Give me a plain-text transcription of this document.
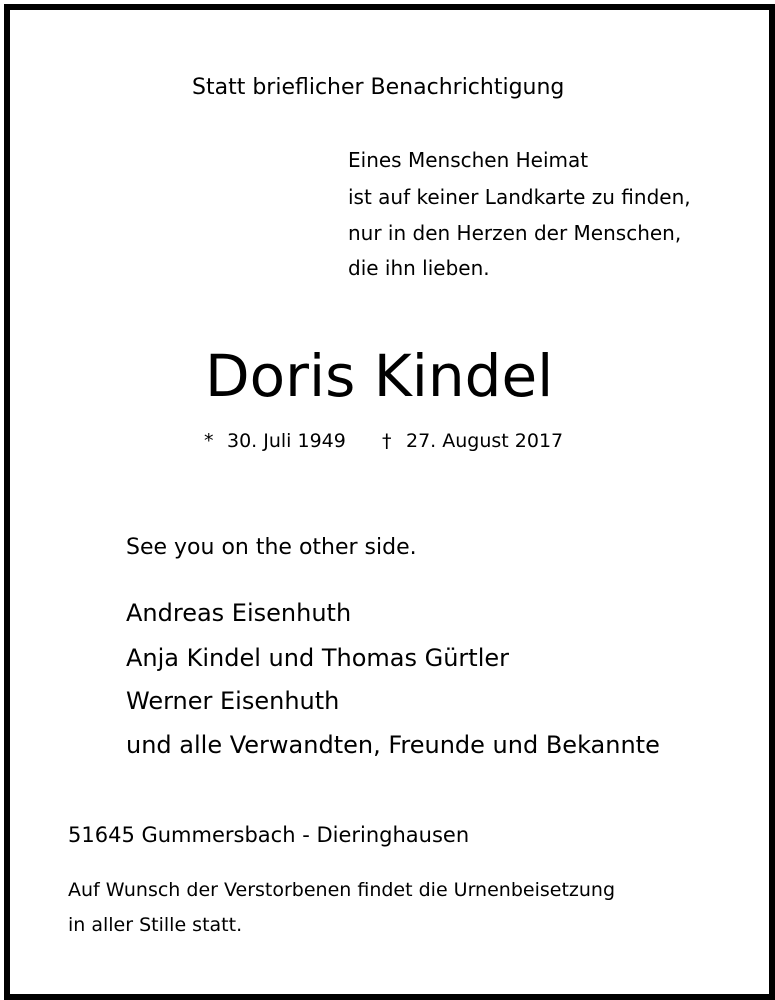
Statt brieflicher Benachrichtigung
Eines Menschen Heimat
ist auf keiner Landkarte zu finden,
nur in den Herzen der Menschen,
die ihn lieben.
Doris Kindel
* 30. Juli 1949 † 27. August 2017
See you on the other side.
Andreas Eisenhuth
Anja Kindel und Thomas Gürtler
Werner Eisenhuth
und alle Verwandten, Freunde und Bekannte
51645 Gummersbach - Dieringhausen
Auf Wunsch der Verstorbenen findet die Urnenbeisetzung
in aller Stille statt.
